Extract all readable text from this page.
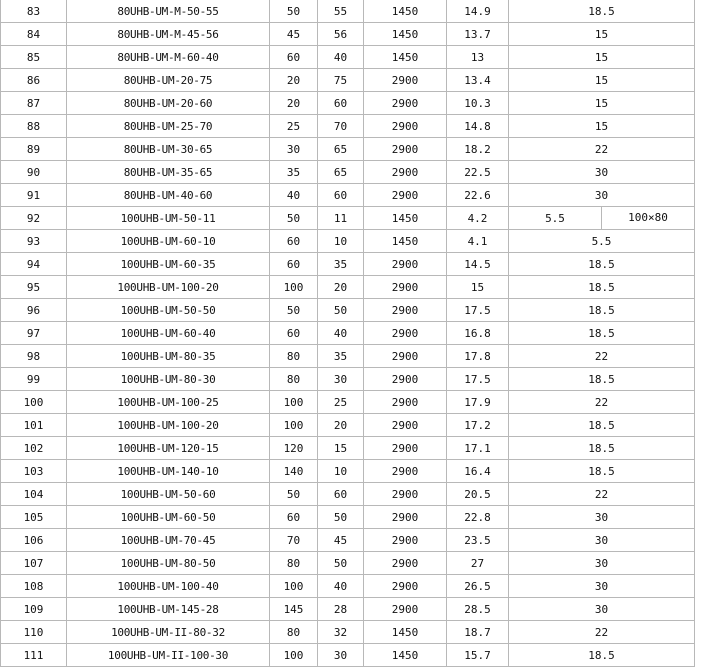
83	80UHB-UM-M-50-55	50	55	1450	14.9	18.5
84	80UHB-UM-M-45-56	45	56	1450	13.7	15
85	80UHB-UM-M-60-40	60	40	1450	13	15
86	80UHB-UM-20-75	20	75	2900	13.4	15
87	80UHB-UM-20-60	20	60	2900	10.3	15
88	80UHB-UM-25-70	25	70	2900	14.8	15
89	80UHB-UM-30-65	30	65	2900	18.2	22
90	80UHB-UM-35-65	35	65	2900	22.5	30
91	80UHB-UM-40-60	40	60	2900	22.6	30
92	100UHB-UM-50-11	50	11	1450	4.2	5.5 100×80

93	100UHB-UM-60-10	60	10	1450	4.1	5.5
94	100UHB-UM-60-35	60	35	2900	14.5	18.5
95	100UHB-UM-100-20	100	20	2900	15	18.5
96	100UHB-UM-50-50	50	50	2900	17.5	18.5
97	100UHB-UM-60-40	60	40	2900	16.8	18.5
98	100UHB-UM-80-35	80	35	2900	17.8	22
99	100UHB-UM-80-30	80	30	2900	17.5	18.5
100	100UHB-UM-100-25	100	25	2900	17.9	22
101	100UHB-UM-100-20	100	20	2900	17.2	18.5
102	100UHB-UM-120-15	120	15	2900	17.1	18.5
103	100UHB-UM-140-10	140	10	2900	16.4	18.5
104	100UHB-UM-50-60	50	60	2900	20.5	22
105	100UHB-UM-60-50	60	50	2900	22.8	30
106	100UHB-UM-70-45	70	45	2900	23.5	30
107	100UHB-UM-80-50	80	50	2900	27	30
108	100UHB-UM-100-40	100	40	2900	26.5	30
109	100UHB-UM-145-28	145	28	2900	28.5	30
110	100UHB-UM-II-80-32	80	32	1450	18.7	22
111	100UHB-UM-II-100-30	100	30	1450	15.7	18.5
